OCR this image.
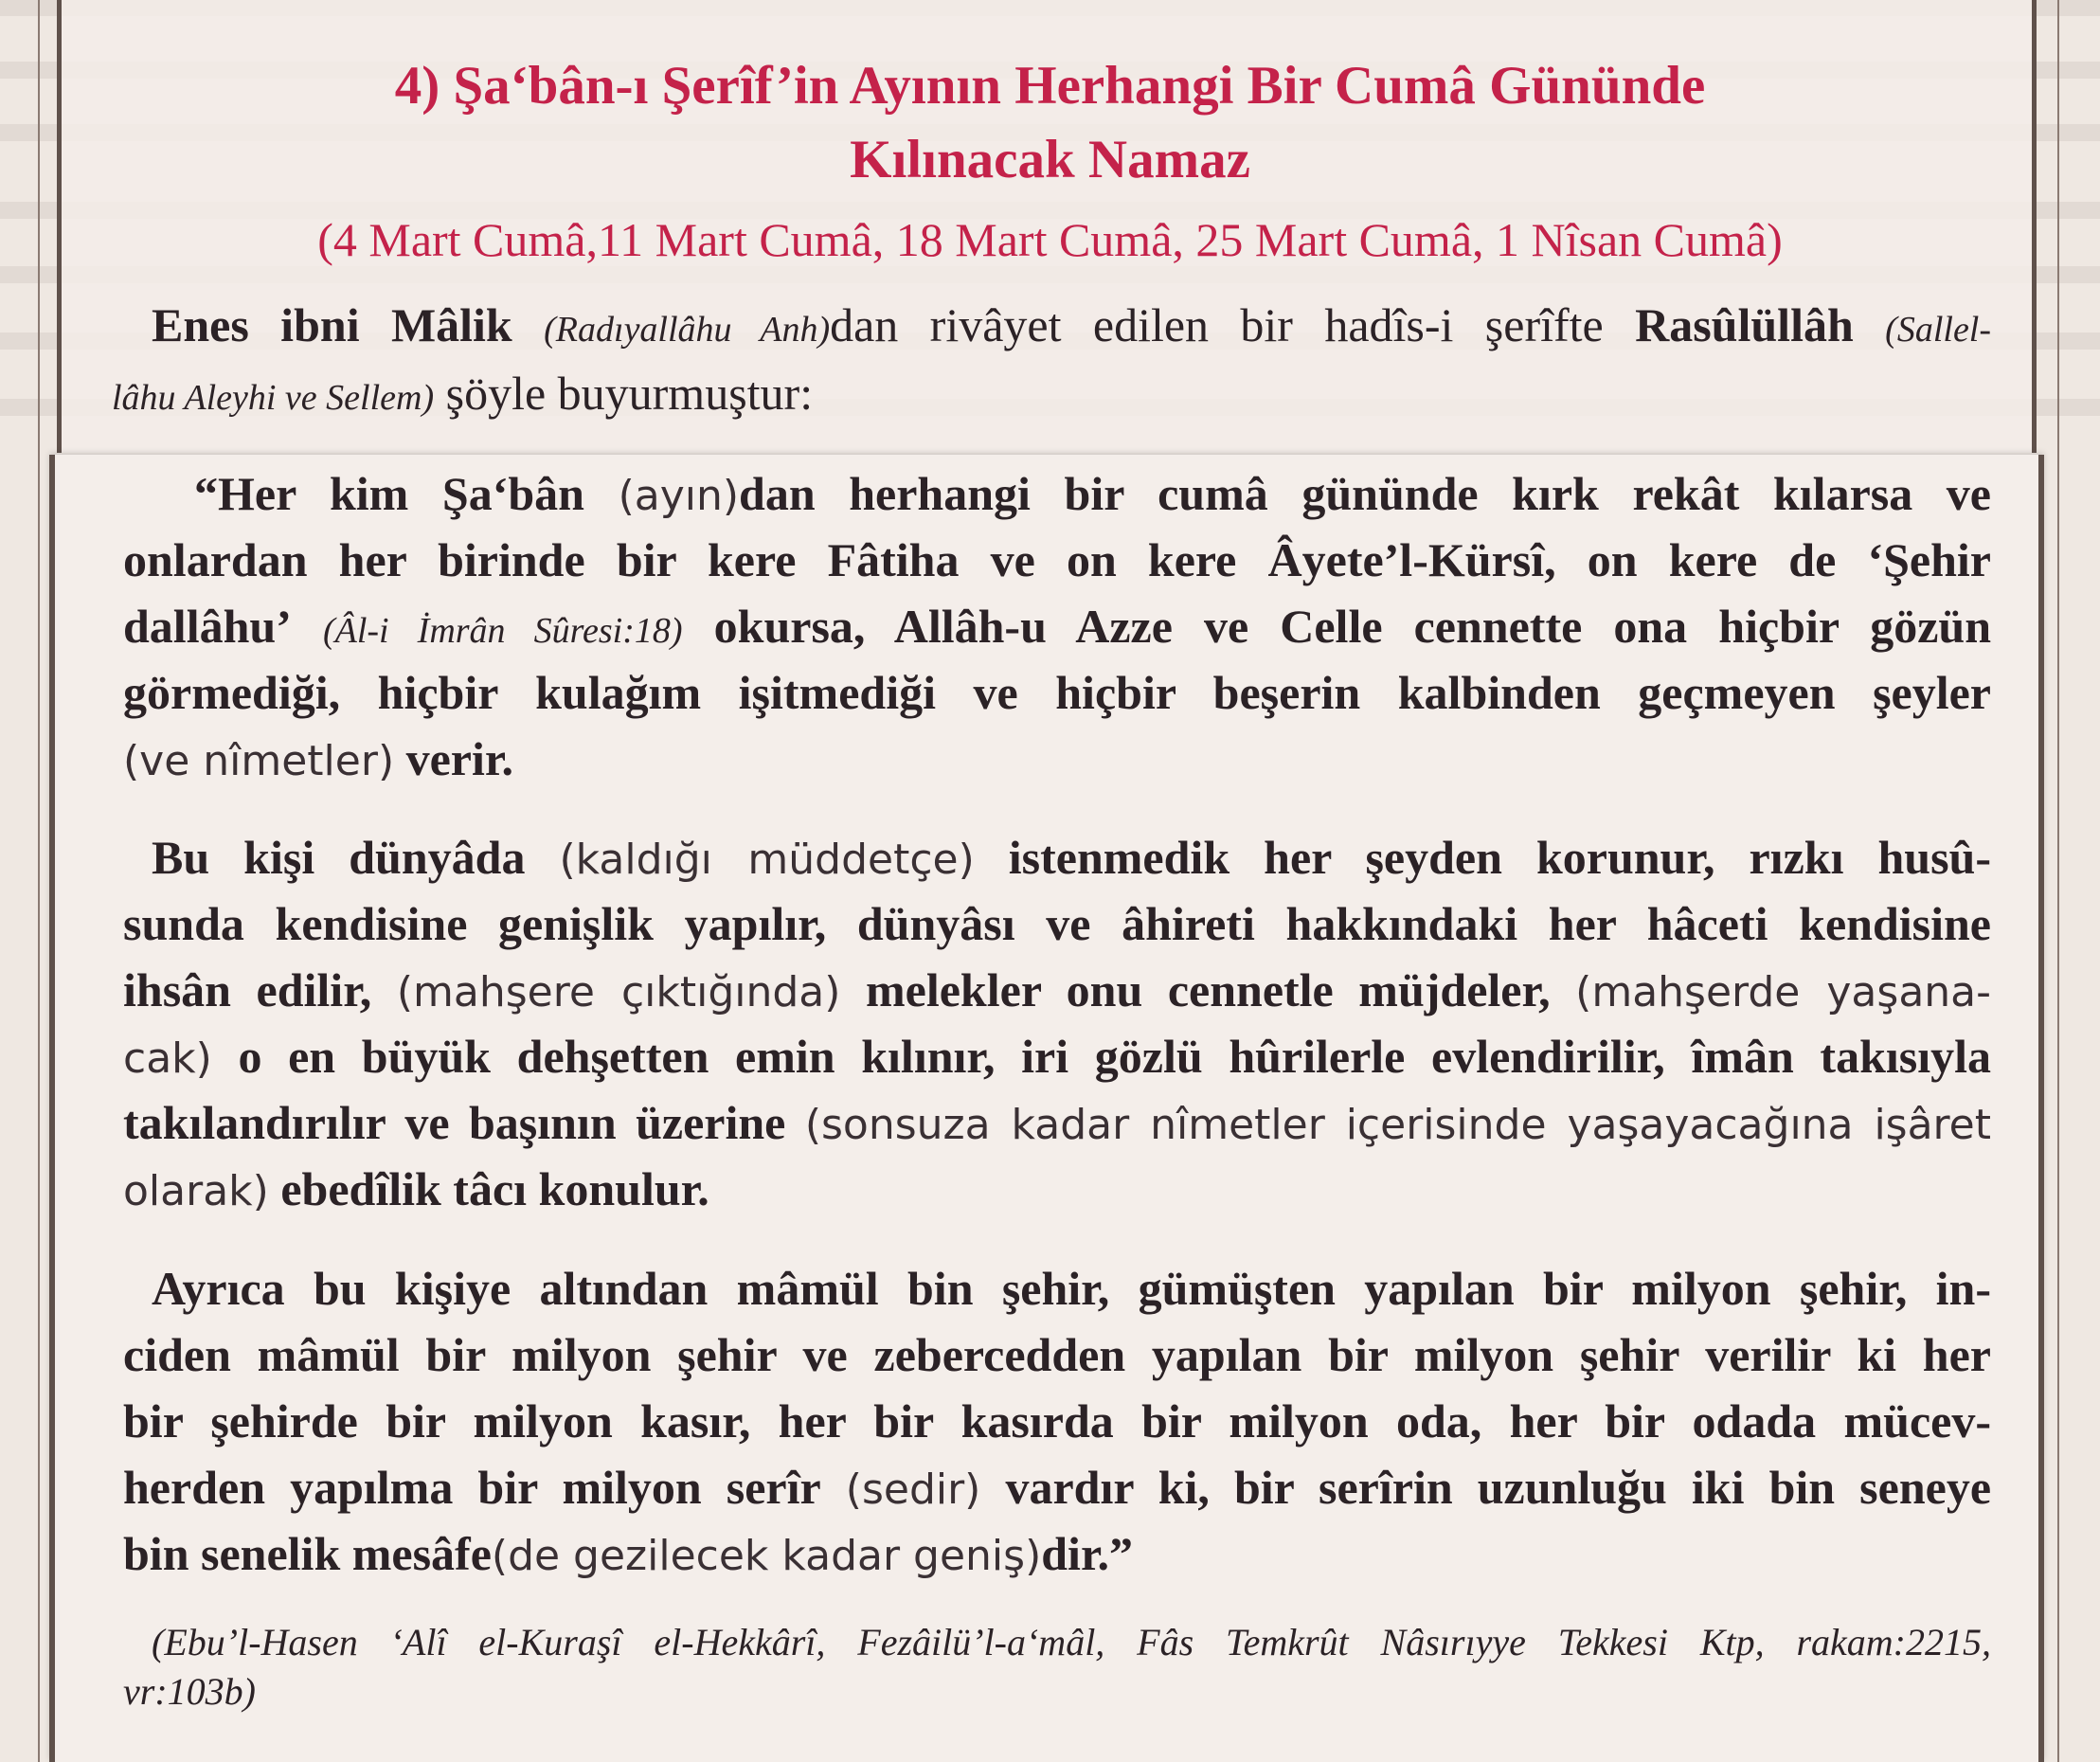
4) Şa‘bân-ı Şerîf’in Ayının Herhangi Bir Cumâ Gününde
Kılınacak Namaz
(4 Mart Cumâ,11 Mart Cumâ, 18 Mart Cumâ, 25 Mart Cumâ, 1 Nîsan Cumâ)
Enes ibni Mâlik (Radıyallâhu Anh)dan rivâyet edilen bir hadîs-i şerîfte Rasûlüllâh (Sallel-
lâhu Aleyhi ve Sellem) şöyle buyurmuştur:
“Her kim Şa‘bân (ayın)dan herhangi bir cumâ gününde kırk rekât kılarsa ve
onlardan her birinde bir kere Fâtiha ve on kere Âyete’l-Kürsî, on kere de ‘Şehir
dallâhu’ (Âl-i İmrân Sûresi:18) okursa, Allâh-u Azze ve Celle cennette ona hiçbir gözün
görmediği, hiçbir kulağım işitmediği ve hiçbir beşerin kalbinden geçmeyen şeyler
(ve nîmetler) verir.
Bu kişi dünyâda (kaldığı müddetçe) istenmedik her şeyden korunur, rızkı husû-
sunda kendisine genişlik yapılır, dünyâsı ve âhireti hakkındaki her hâceti kendisine
ihsân edilir, (mahşere çıktığında) melekler onu cennetle müjdeler, (mahşerde yaşana-
cak) o en büyük dehşetten emin kılınır, iri gözlü hûrilerle evlendirilir, îmân takısıyla
takılandırılır ve başının üzerine (sonsuza kadar nîmetler içerisinde yaşayacağına işâret
olarak) ebedîlik tâcı konulur.
Ayrıca bu kişiye altından mâmül bin şehir, gümüşten yapılan bir milyon şehir, in-
ciden mâmül bir milyon şehir ve zebercedden yapılan bir milyon şehir verilir ki her
bir şehirde bir milyon kasır, her bir kasırda bir milyon oda, her bir odada mücev-
herden yapılma bir milyon serîr (sedir) vardır ki, bir serîrin uzunluğu iki bin seneye
bin senelik mesâfe(de gezilecek kadar geniş)dir.”
(Ebu’l-Hasen ‘Alî el-Kuraşî el-Hekkârî, Fezâilü’l-a‘mâl, Fâs Temkrût Nâsırıyye Tekkesi Ktp, rakam:2215,
vr:103b)
